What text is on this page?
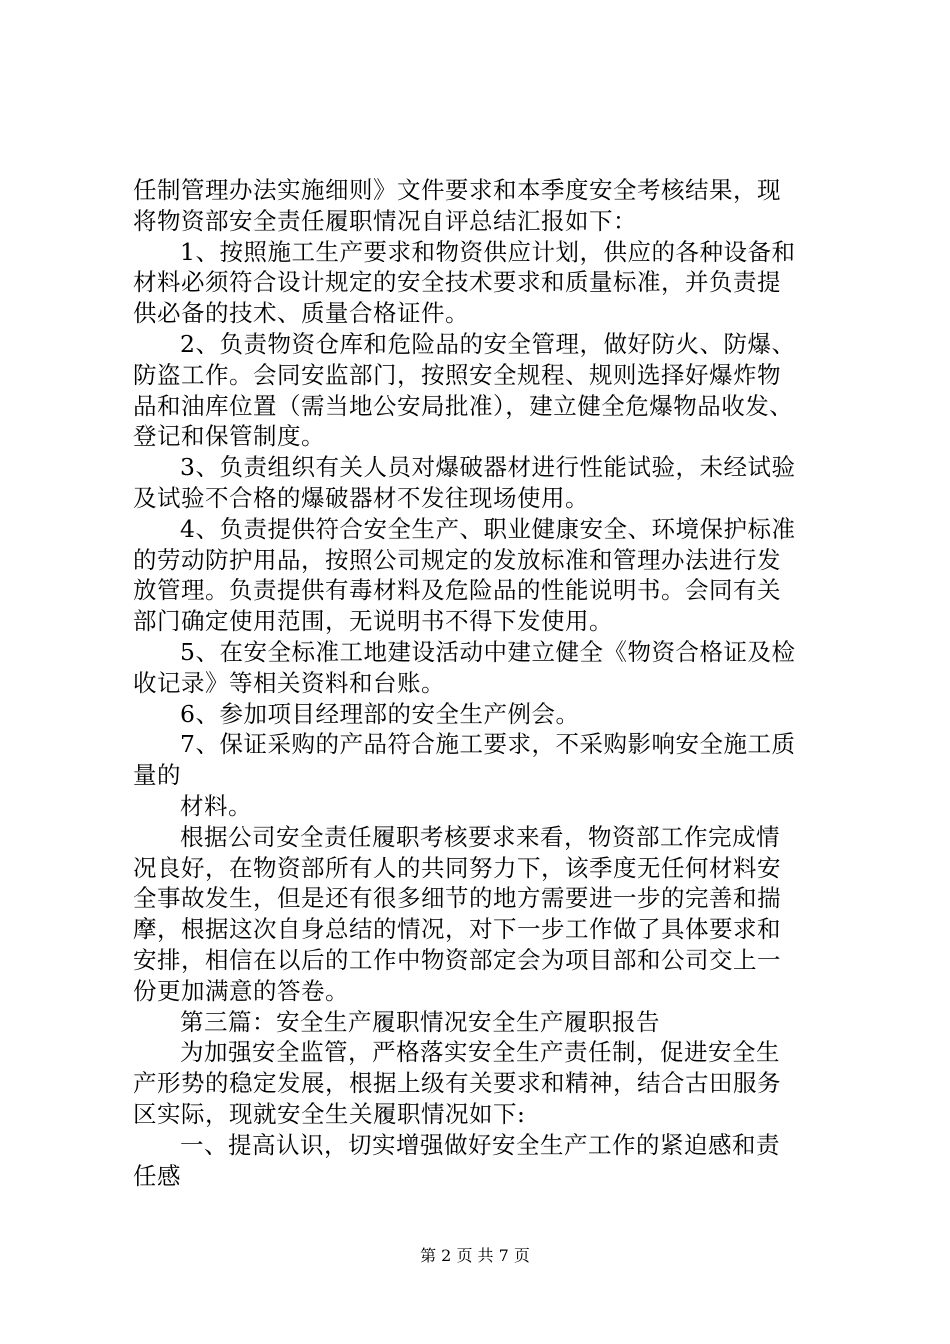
任制管理办法实施细则》文件要求和本季度安全考核结果，现
将物资部安全责任履职情况自评总结汇报如下：
1、按照施工生产要求和物资供应计划，供应的各种设备和
材料必须符合设计规定的安全技术要求和质量标准，并负责提
供必备的技术、质量合格证件。
2、负责物资仓库和危险品的安全管理，做好防火、防爆、
防盗工作。会同安监部门，按照安全规程、规则选择好爆炸物
品和油库位置（需当地公安局批准），建立健全危爆物品收发、
登记和保管制度。
3、负责组织有关人员对爆破器材进行性能试验，未经试验
及试验不合格的爆破器材不发往现场使用。
4、负责提供符合安全生产、职业健康安全、环境保护标准
的劳动防护用品，按照公司规定的发放标准和管理办法进行发
放管理。负责提供有毒材料及危险品的性能说明书。会同有关
部门确定使用范围，无说明书不得下发使用。
5、在安全标准工地建设活动中建立健全《物资合格证及检
收记录》等相关资料和台账。
6、参加项目经理部的安全生产例会。
7、保证采购的产品符合施工要求，不采购影响安全施工质
量的
材料。
根据公司安全责任履职考核要求来看，物资部工作完成情
况良好，在物资部所有人的共同努力下，该季度无任何材料安
全事故发生，但是还有很多细节的地方需要进一步的完善和揣
摩，根据这次自身总结的情况，对下一步工作做了具体要求和
安排，相信在以后的工作中物资部定会为项目部和公司交上一
份更加满意的答卷。
第三篇：安全生产履职情况安全生产履职报告
为加强安全监管，严格落实安全生产责任制，促进安全生
产形势的稳定发展，根据上级有关要求和精神，结合古田服务
区实际，现就安全生关履职情况如下:
一、提高认识，切实增强做好安全生产工作的紧迫感和责
任感
第 2 页 共 7 页
